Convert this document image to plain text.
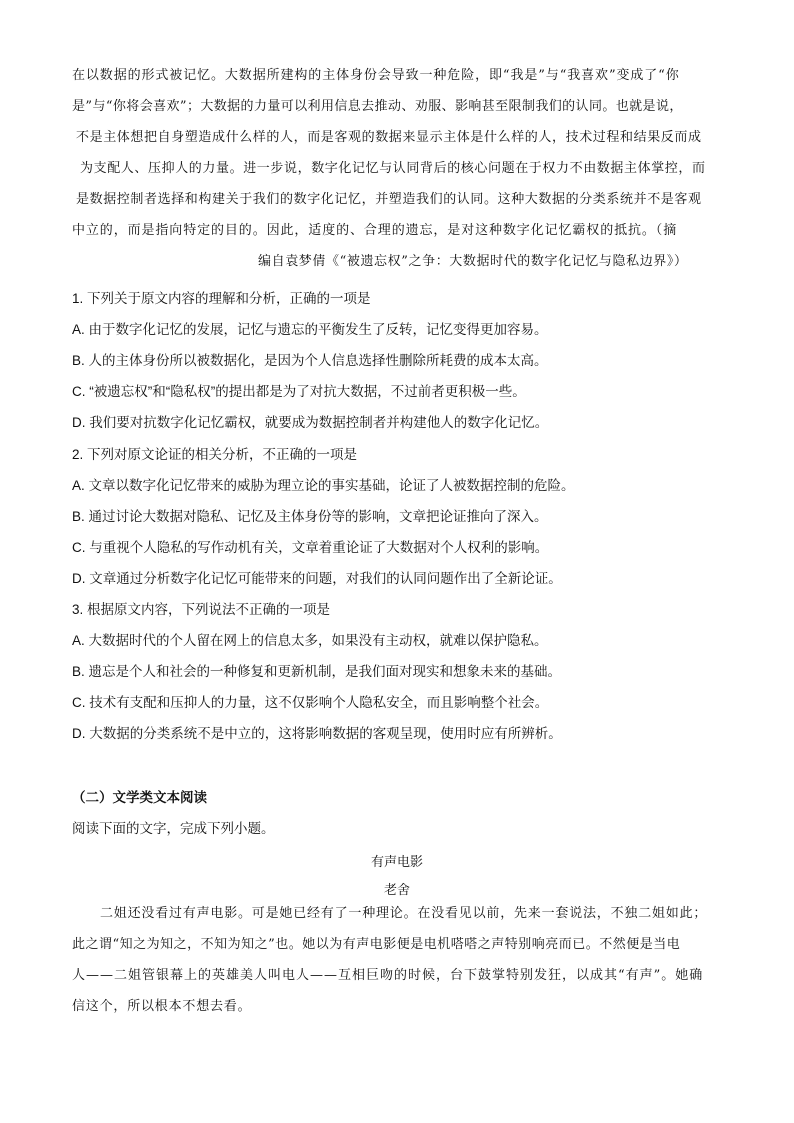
在以数据的形式被记忆。大数据所建构的主体身份会导致一种危险，即“我是”与“我喜欢”变成了“你

是”与“你将会喜欢”；大数据的力量可以利用信息去推动、劝服、影响甚至限制我们的认同。也就是说，

不是主体想把自身塑造成什么样的人，而是客观的数据来显示主体是什么样的人，技术过程和结果反而成

为支配人、压抑人的力量。进一步说，数字化记忆与认同背后的核心问题在于权力不由数据主体掌控，而

是数据控制者选择和构建关于我们的数字化记忆，并塑造我们的认同。这种大数据的分类系统并不是客观

中立的，而是指向特定的目的。因此，适度的、合理的遗忘，是对这种数字化记忆霸权的抵抗。（摘

编自袁梦倩《“被遗忘权”之争：大数据时代的数字化记忆与隐私边界》）

1. 下列关于原文内容的理解和分析，正确的一项是
A. 由于数字化记忆的发展，记忆与遗忘的平衡发生了反转，记忆变得更加容易。
B. 人的主体身份所以被数据化，是因为个人信息选择性删除所耗费的成本太高。
C. “被遗忘权”和“隐私权”的提出都是为了对抗大数据，不过前者更积极一些。
D. 我们要对抗数字化记忆霸权，就要成为数据控制者并构建他人的数字化记忆。
2. 下列对原文论证的相关分析，不正确的一项是
A. 文章以数字化记忆带来的威胁为理立论的事实基础，论证了人被数据控制的危险。
B. 通过讨论大数据对隐私、记忆及主体身份等的影响，文章把论证推向了深入。
C. 与重视个人隐私的写作动机有关，文章着重论证了大数据对个人权利的影响。
D. 文章通过分析数字化记忆可能带来的问题，对我们的认同问题作出了全新论证。
3. 根据原文内容，下列说法不正确的一项是
A. 大数据时代的个人留在网上的信息太多，如果没有主动权，就难以保护隐私。
B. 遗忘是个人和社会的一种修复和更新机制，是我们面对现实和想象未来的基础。
C. 技术有支配和压抑人的力量，这不仅影响个人隐私安全，而且影响整个社会。
D. 大数据的分类系统不是中立的，这将影响数据的客观呈现，使用时应有所辨析。
（二）文学类文本阅读
阅读下面的文字，完成下列小题。
有声电影
老舍

二姐还没看过有声电影。可是她已经有了一种理论。在没看见以前，先来一套说法，不独二姐如此；

此之谓“知之为知之，不知为知之”也。她以为有声电影便是电机嗒嗒之声特别响亮而已。不然便是当电

人——二姐管银幕上的英雄美人叫电人——互相巨吻的时候，台下鼓掌特别发狂，以成其“有声”。她确

信这个，所以根本不想去看。
